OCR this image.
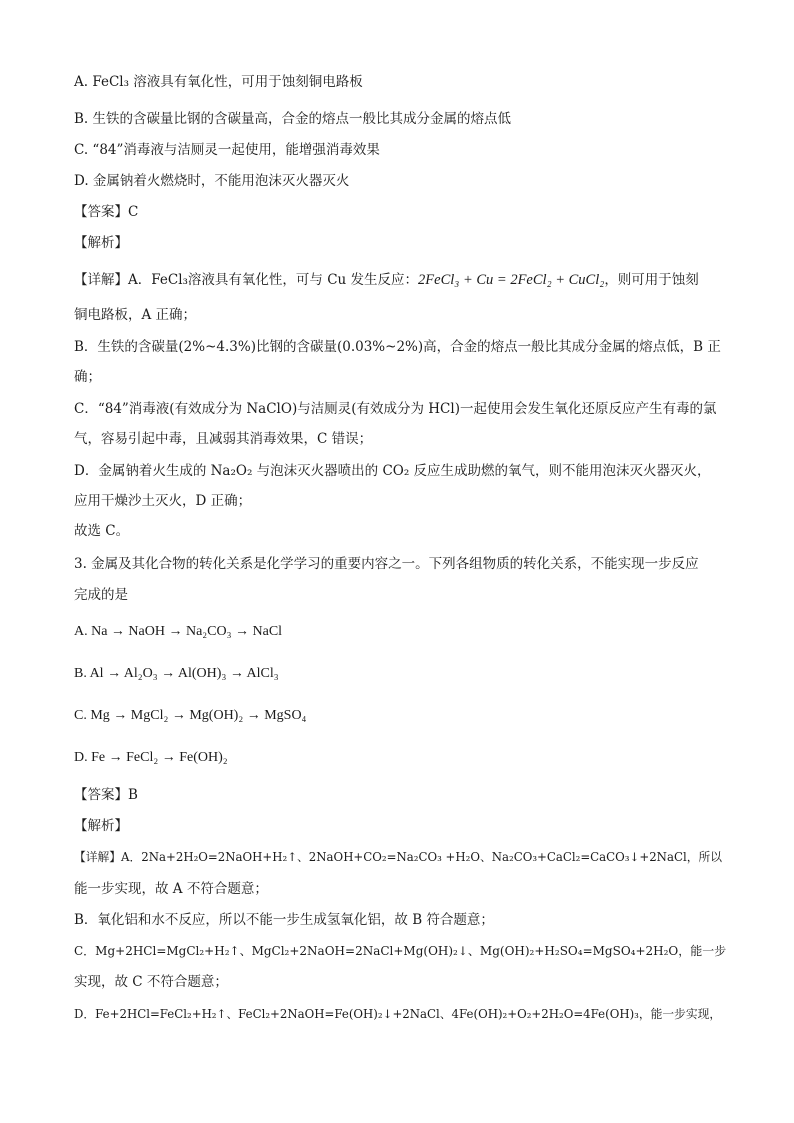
A. FeCl₃ 溶液具有氧化性，可用于蚀刻铜电路板
B. 生铁的含碳量比钢的含碳量高，合金的熔点一般比其成分金属的熔点低
C. “84”消毒液与洁厕灵一起使用，能增强消毒效果
D. 金属钠着火燃烧时，不能用泡沫灭火器灭火
【答案】C
【解析】
【详解】A．FeCl₃溶液具有氧化性，可与 Cu 发生反应：2FeCl₃ + Cu = 2FeCl₂ + CuCl₂，则可用于蚀刻
铜电路板，A 正确；
B．生铁的含碳量(2%~4.3%)比钢的含碳量(0.03%~2%)高，合金的熔点一般比其成分金属的熔点低，B 正
确；
C．“84”消毒液(有效成分为 NaClO)与洁厕灵(有效成分为 HCl)一起使用会发生氧化还原反应产生有毒的氯
气，容易引起中毒，且减弱其消毒效果，C 错误；
D．金属钠着火生成的 Na₂O₂ 与泡沫灭火器喷出的 CO₂ 反应生成助燃的氧气，则不能用泡沫灭火器灭火，
应用干燥沙土灭火，D 正确；
故选 C。
3. 金属及其化合物的转化关系是化学学习的重要内容之一。下列各组物质的转化关系，不能实现一步反应
完成的是
A. Na → NaOH → Na₂CO₃ → NaCl
B. Al → Al₂O₃ → Al(OH)₃ → AlCl₃
C. Mg → MgCl₂ → Mg(OH)₂ → MgSO₄
D. Fe → FeCl₂ → Fe(OH)₂
【答案】B
【解析】
【详解】A．2Na+2H₂O=2NaOH+H₂↑、2NaOH+CO₂=Na₂CO₃ +H₂O、Na₂CO₃+CaCl₂=CaCO₃↓+2NaCl，所以
能一步实现，故 A 不符合题意；
B．氧化铝和水不反应，所以不能一步生成氢氧化铝，故 B 符合题意；
C．Mg+2HCl=MgCl₂+H₂↑、MgCl₂+2NaOH=2NaCl+Mg(OH)₂↓、Mg(OH)₂+H₂SO₄=MgSO₄+2H₂O，能一步
实现，故 C 不符合题意；
D．Fe+2HCl=FeCl₂+H₂↑、FeCl₂+2NaOH=Fe(OH)₂↓+2NaCl、4Fe(OH)₂+O₂+2H₂O=4Fe(OH)₃，能一步实现，
